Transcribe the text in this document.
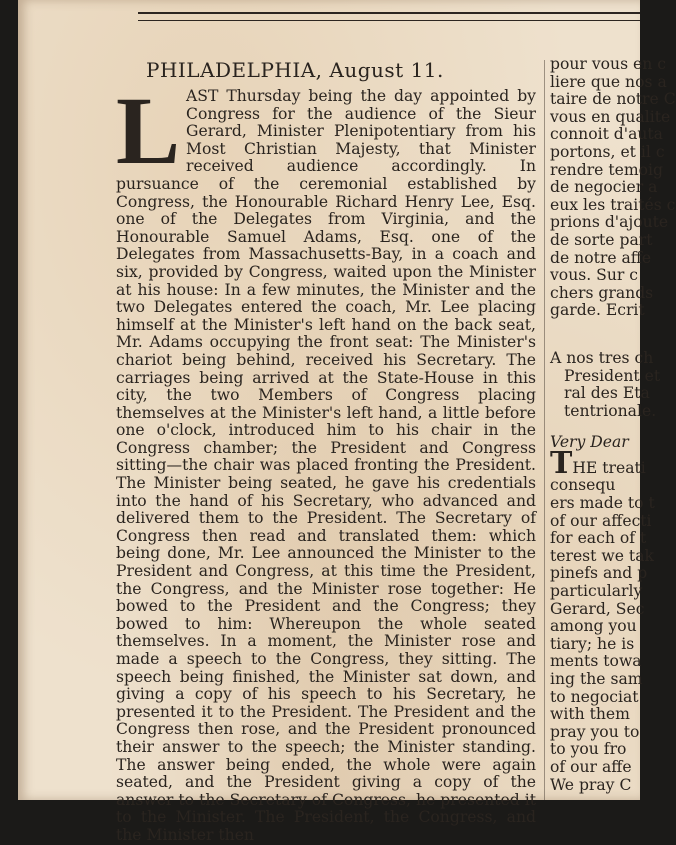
PHILADELPHIA, August 11.

L AST Thursday being the day appointed by Congress for the audience of the Sieur Gerard, Minister Plenipotentiary from his Most Christian Majesty, that Minister received audience accordingly. In pursuance of the ceremonial established by Congress, the Honourable Richard Henry Lee, Esq. one of the Delegates from Virginia, and the Honourable Samuel Adams, Esq. one of the Delegates from Massachusetts-Bay, in a coach and six, provided by Congress, waited upon the Minister at his house: In a few minutes, the Minister and the two Delegates entered the coach, Mr. Lee placing himself at the Minister's left hand on the back seat, Mr. Adams occupying the front seat: The Minister's chariot being behind, received his Secretary. The carriages being arrived at the State-House in this city, the two Members of Congress placing themselves at the Minister's left hand, a little before one o'clock, introduced him to his chair in the Congress chamber; the President and Congress sitting—the chair was placed fronting the President. The Minister being seated, he gave his credentials into the hand of his Secretary, who advanced and delivered them to the President. The Secretary of Congress then read and translated them: which being done, Mr. Lee announced the Minister to the President and Congress, at this time the President, the Congress, and the Minister rose together: He bowed to the President and the Congress; they bowed to him: Whereupon the whole seated themselves. In a moment, the Minister rose and made a speech to the Congress, they sitting. The speech being finished, the Minister sat down, and giving a copy of his speech to his Secretary, he presented it to the President. The President and the Congress then rose, and the President pronounced their answer to the speech; the Minister standing. The answer being ended, the whole were again seated, and the President giving a copy of the answer to the Secretary of Congress, he presented it to the Minister. The President, the Congress, and the Minister then

pour vous en c
liere que nos a
taire de notre C
vous en qualite
connoit d'auta
portons, et il c
rendre temoig
de negocier a
eux les traités c
prions d'ajoute
de sorte part
de notre affe
vous. Sur c
chers grands
garde. Ecrit
A nos tres ch
President et
ral des Eta
tentrionale.
Very Dear
THE treati
consequ
ers made to t
of our affecti
for each of t
terest we tak
pinefs and p
particularly
Gerard, Sec
among you
tiary; he is
ments towa
ing the sam
to negociat
with them
pray you to
to you fro
of our affe
We pray C
